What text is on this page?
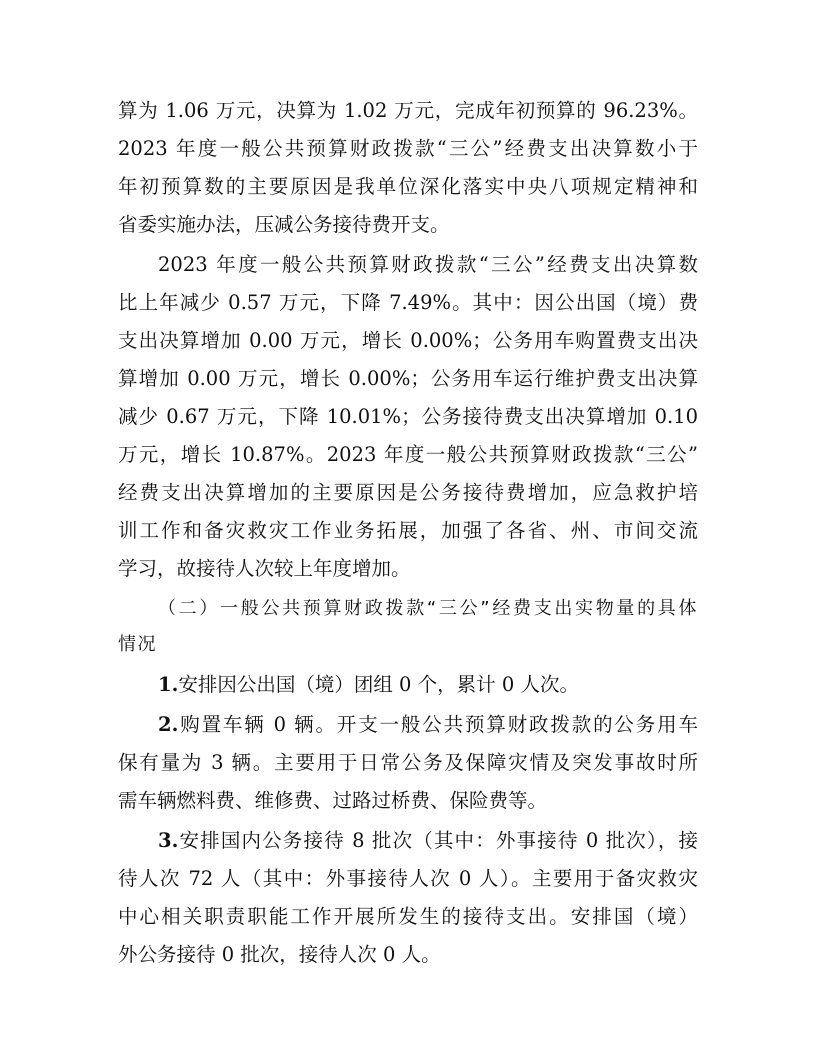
算为 1.06 万元，决算为 1.02 万元，完成年初预算的 96.23%。
2023 年度一般公共预算财政拨款“三公”经费支出决算数小于
年初预算数的主要原因是我单位深化落实中央八项规定精神和
省委实施办法，压减公务接待费开支。
2023 年度一般公共预算财政拨款“三公”经费支出决算数
比上年减少 0.57 万元，下降 7.49%。其中：因公出国（境）费
支出决算增加 0.00 万元，增长 0.00%；公务用车购置费支出决
算增加 0.00 万元，增长 0.00%；公务用车运行维护费支出决算
减少 0.67 万元，下降 10.01%；公务接待费支出决算增加 0.10
万元，增长 10.87%。2023 年度一般公共预算财政拨款“三公”
经费支出决算增加的主要原因是公务接待费增加，应急救护培
训工作和备灾救灾工作业务拓展，加强了各省、州、市间交流
学习，故接待人次较上年度增加。
（二）一般公共预算财政拨款“三公”经费支出实物量的具体
情况
1.安排因公出国（境）团组 0 个，累计 0 人次。
2.购置车辆 0 辆。开支一般公共预算财政拨款的公务用车
保有量为 3 辆。主要用于日常公务及保障灾情及突发事故时所
需车辆燃料费、维修费、过路过桥费、保险费等。
3.安排国内公务接待 8 批次（其中：外事接待 0 批次），接
待人次 72 人（其中：外事接待人次 0 人）。主要用于备灾救灾
中心相关职责职能工作开展所发生的接待支出。安排国（境）
外公务接待 0 批次，接待人次 0 人。
